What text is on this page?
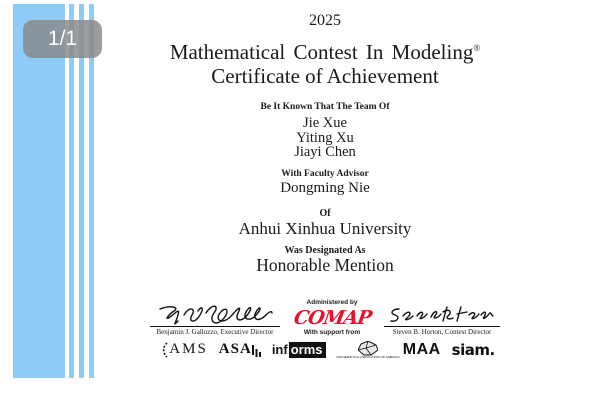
1/1
2025
Mathematical Contest In Modeling®
Certificate of Achievement
Be It Known That The Team Of
Jie Xue
Yiting Xu
Jiayi Chen
With Faculty Advisor
Dongming Nie
Of
Anhui Xinhua University
Was Designated As
Honorable Mention
Benjamin J. Galluzzo, Executive Director
Administered by
COMAP
With support from	Steven B. Horton, Contest Director
AMS ASA inf orms	MATHEMATICAL ASSOCIATION OF AMERICA MAA siam.
